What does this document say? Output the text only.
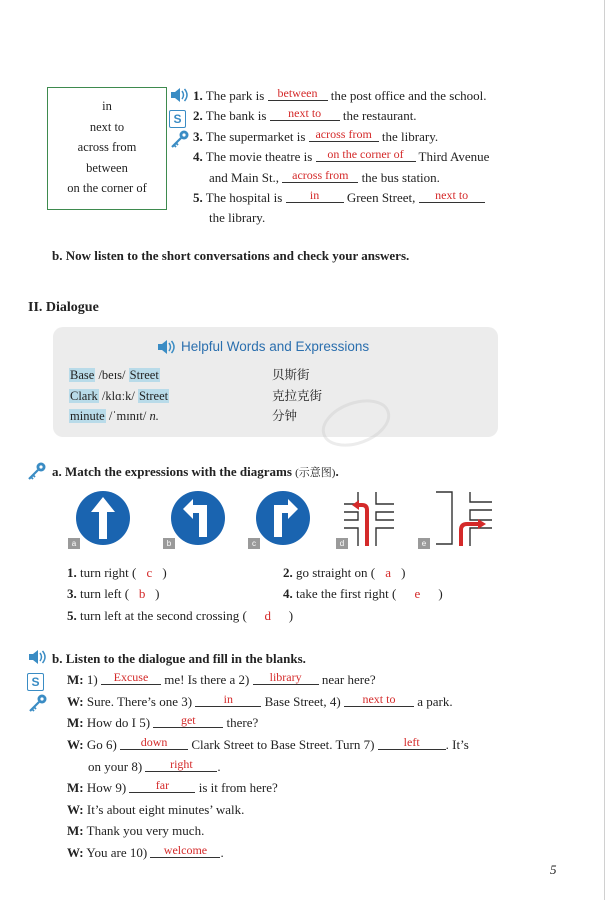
in
next to
across from
between
on the corner of
S
1. The park is between the post office and the school.
2. The bank is next to the restaurant.
3. The supermarket is across from the library.
4. The movie theatre is on the corner of Third Avenue
and Main St., across from the bus station.
5. The hospital is in Green Street, next to
the library.
b. Now listen to the short conversations and check your answers.
II. Dialogue
Helpful Words and Expressions
Base /beɪs/ Street	贝斯街
Clark /klɑːk/ Street	克拉克街
minute /ˈmɪnɪt/ n.	分钟
a. Match the expressions with the diagrams (示意图).
a	b	c	d	e
1. turn right ( c )	2. go straight on ( a )
3. turn left ( b )	4. take the first right ( e )
5. turn left at the second crossing ( d )
S
b. Listen to the dialogue and fill in the blanks.
M: 1) Excuse me! Is there a 2) library near here?
W: Sure. There’s one 3)	in Base Street, 4) next to a park.
M: How do I 5)	get there?
W: Go 6) down Clark Street to Base Street. Turn 7) left . It’s
on your 8) right .
M: How 9) far is it from here?
W: It’s about eight minutes’ walk.
M: Thank you very much.
W: You are 10) welcome .
5
